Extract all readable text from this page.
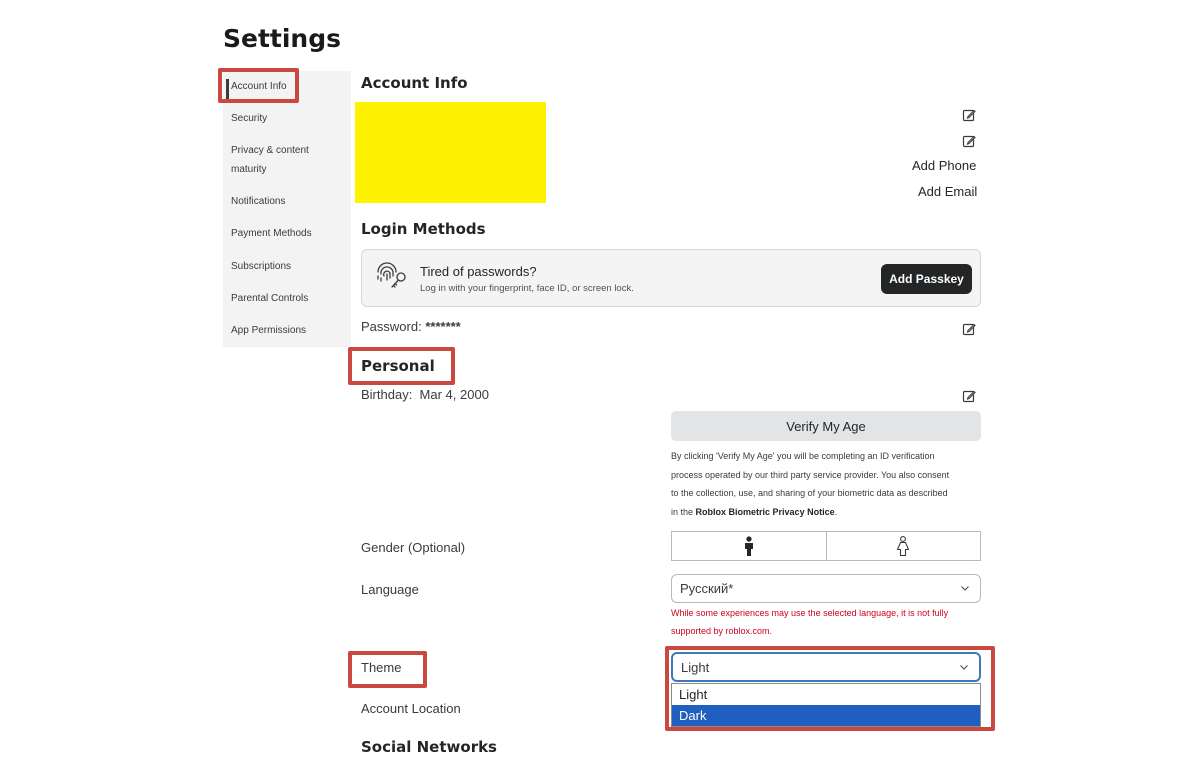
Settings
Account Info
Security
Privacy & content
maturity
Notifications
Payment Methods
Subscriptions
Parental Controls
App Permissions
Account Info
Add Phone
Add Email
Login Methods
Tired of passwords?
Log in with your fingerprint, face ID, or screen lock.
Add Passkey
Password: *******
Personal
Birthday: Mar 4, 2000
Verify My Age
By clicking 'Verify My Age' you will be completing an ID verification
process operated by our third party service provider. You also consent
to the collection, use, and sharing of your biometric data as described
in the Roblox Biometric Privacy Notice.
Gender (Optional)
Language	Русский*
While some experiences may use the selected language, it is not fully
supported by roblox.com.
Theme	Light
Light
Dark
Account Location
Social Networks
